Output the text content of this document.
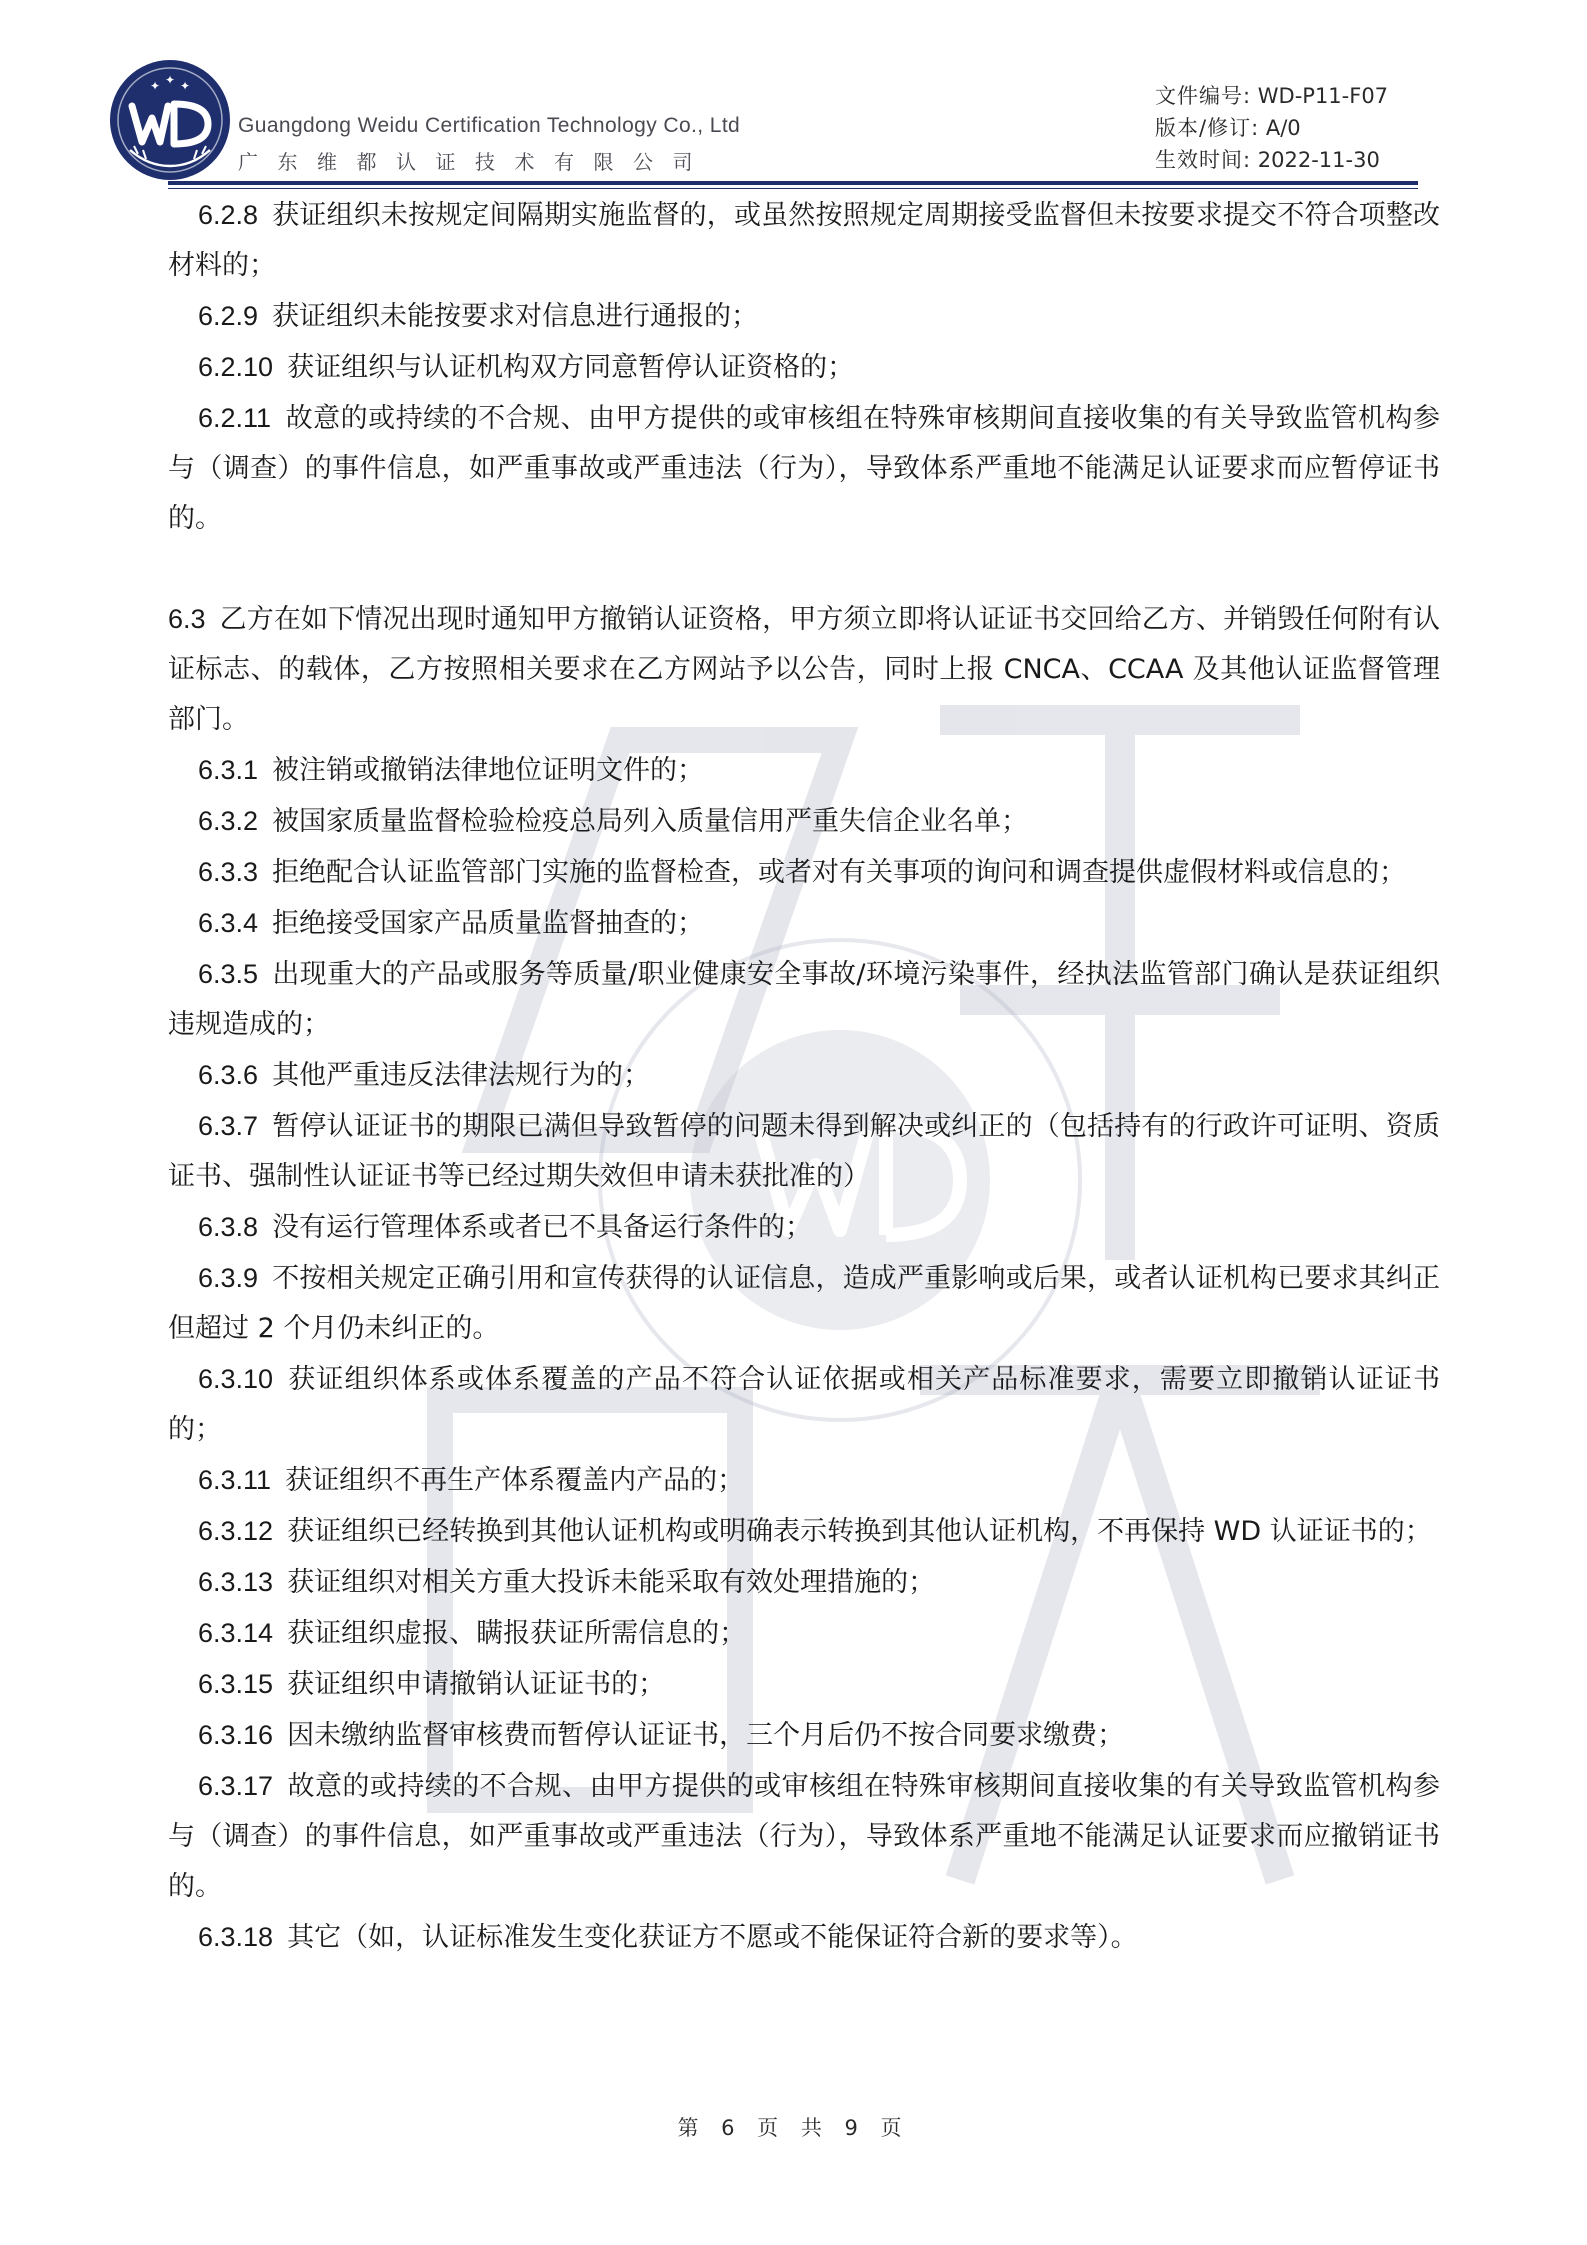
✦ ✦ ✦
Guangdong Weidu Certification Technology Co., Ltd
广东维都认证技术有限公司
文件编号: WD-P11-F07
版本/修订: A/0
生效时间: 2022-11-30

6.2.8 获证组织未按规定间隔期实施监督的，或虽然按照规定周期接受监督但未按要求提交不符合项整改材料的；

6.2.9 获证组织未能按要求对信息进行通报的；

6.2.10 获证组织与认证机构双方同意暂停认证资格的；

6.2.11 故意的或持续的不合规、由甲方提供的或审核组在特殊审核期间直接收集的有关导致监管机构参与（调查）的事件信息，如严重事故或严重违法（行为），导致体系严重地不能满足认证要求而应暂停证书的。

6.3 乙方在如下情况出现时通知甲方撤销认证资格，甲方须立即将认证证书交回给乙方、并销毁任何附有认证标志、的载体，乙方按照相关要求在乙方网站予以公告，同时上报 CNCA、CCAA 及其他认证监督管理部门。

6.3.1 被注销或撤销法律地位证明文件的；

6.3.2 被国家质量监督检验检疫总局列入质量信用严重失信企业名单；

6.3.3 拒绝配合认证监管部门实施的监督检查，或者对有关事项的询问和调查提供虚假材料或信息的；

6.3.4 拒绝接受国家产品质量监督抽查的；

6.3.5 出现重大的产品或服务等质量/职业健康安全事故/环境污染事件，经执法监管部门确认是获证组织违规造成的；

6.3.6 其他严重违反法律法规行为的；

6.3.7 暂停认证证书的期限已满但导致暂停的问题未得到解决或纠正的（包括持有的行政许可证明、资质证书、强制性认证证书等已经过期失效但申请未获批准的）

6.3.8 没有运行管理体系或者已不具备运行条件的；

6.3.9 不按相关规定正确引用和宣传获得的认证信息，造成严重影响或后果，或者认证机构已要求其纠正但超过 2 个月仍未纠正的。

6.3.10 获证组织体系或体系覆盖的产品不符合认证依据或相关产品标准要求，需要立即撤销认证证书的；

6.3.11 获证组织不再生产体系覆盖内产品的；

6.3.12 获证组织已经转换到其他认证机构或明确表示转换到其他认证机构，不再保持 WD 认证证书的；

6.3.13 获证组织对相关方重大投诉未能采取有效处理措施的；

6.3.14 获证组织虚报、瞒报获证所需信息的；

6.3.15 获证组织申请撤销认证证书的；

6.3.16 因未缴纳监督审核费而暂停认证证书，三个月后仍不按合同要求缴费；

6.3.17 故意的或持续的不合规、由甲方提供的或审核组在特殊审核期间直接收集的有关导致监管机构参与（调查）的事件信息，如严重事故或严重违法（行为），导致体系严重地不能满足认证要求而应撤销证书的。

6.3.18 其它（如，认证标准发生变化获证方不愿或不能保证符合新的要求等）。

第 6 页 共 9 页
